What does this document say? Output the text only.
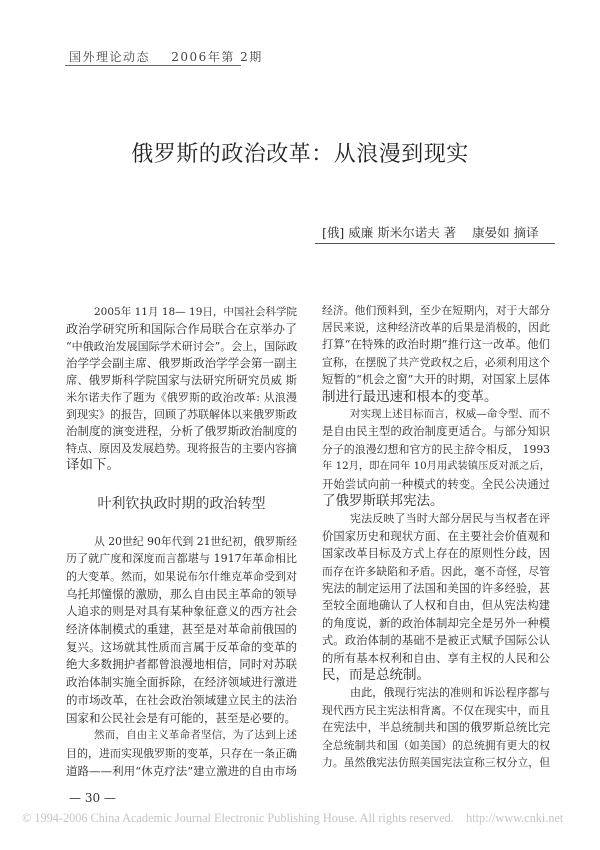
国外理论动态 2006年第 2期
俄罗斯的政治改革：从浪漫到现实
[俄] 威廉 斯米尔诺夫 著 康晏如 摘译
2005年 11月 18— 19日，中国社会科学院
政治学研究所和国际合作局联合在京举办了
“中俄政治发展国际学术研讨会”。会上，国际政
治学学会副主席、俄罗斯政治学学会第一副主
席、俄罗斯科学院国家与法研究所研究员威 斯
米尔诺夫作了题为《俄罗斯的政治改革: 从浪漫
到现实》的报告，回顾了苏联解体以来俄罗斯政
治制度的演变进程，分析了俄罗斯政治制度的
特点、原因及发展趋势。现将报告的主要内容摘
译如下。
叶利钦执政时期的政治转型
从 20世纪 90年代到 21世纪初，俄罗斯经
历了就广度和深度而言都堪与 1917年革命相比
的大变革。然而，如果说布尔什维克革命受到对
乌托邦憧憬的激励，那么自由民主革命的领导
人追求的则是对具有某种象征意义的西方社会
经济体制模式的重建，甚至是对革命前俄国的
复兴。这场就其性质而言属于反革命的变革的
绝大多数拥护者都曾浪漫地相信，同时对苏联
政治体制实施全面拆除，在经济领域进行激进
的市场改革，在社会政治领域建立民主的法治
国家和公民社会是有可能的，甚至是必要的。
然而，自由主义革命者坚信，为了达到上述
目的，进而实现俄罗斯的变革，只存在一条正确
道路——利用“休克疗法”建立激进的自由市场
经济。他们预料到，至少在短期内，对于大部分
居民来说，这种经济改革的后果是消极的，因此
打算“在特殊的政治时期”推行这一改革。他们
宣称，在摆脱了共产党政权之后，必须利用这个
短暂的“机会之窗”大开的时期，对国家上层体
制进行最迅速和根本的变革。
对实现上述目标而言，权威—命令型、而不
是自由民主型的政治制度更适合。与部分知识
分子的浪漫幻想和官方的民主辞令相反， 1993
年 12月，即在同年 10月用武装镇压反对派之后，
开始尝试向前一种模式的转变。全民公决通过
了俄罗斯联邦宪法。
宪法反映了当时大部分居民与当权者在评
价国家历史和现状方面、在主要社会价值观和
国家改革目标及方式上存在的原则性分歧，因
而存在许多缺陷和矛盾。因此，毫不奇怪，尽管
宪法的制定运用了法国和美国的许多经验，甚
至较全面地确认了人权和自由，但从宪法构建
的角度说，新的政治体制却完全是另外一种模
式。政治体制的基础不是被正式赋予国际公认
的所有基本权利和自由、享有主权的人民和公
民，而是总统制。
由此，俄现行宪法的准则和诉讼程序都与
现代西方民主宪法相背离。不仅在现实中，而且
在宪法中，半总统制共和国的俄罗斯总统比完
全总统制共和国（如美国）的总统拥有更大的权
力。虽然俄宪法仿照美国宪法宣称三权分立，但
— 30 —
© 1994-2006 China Academic Journal Electronic Publishing House. All rights reserved.    http://www.cnki.net
